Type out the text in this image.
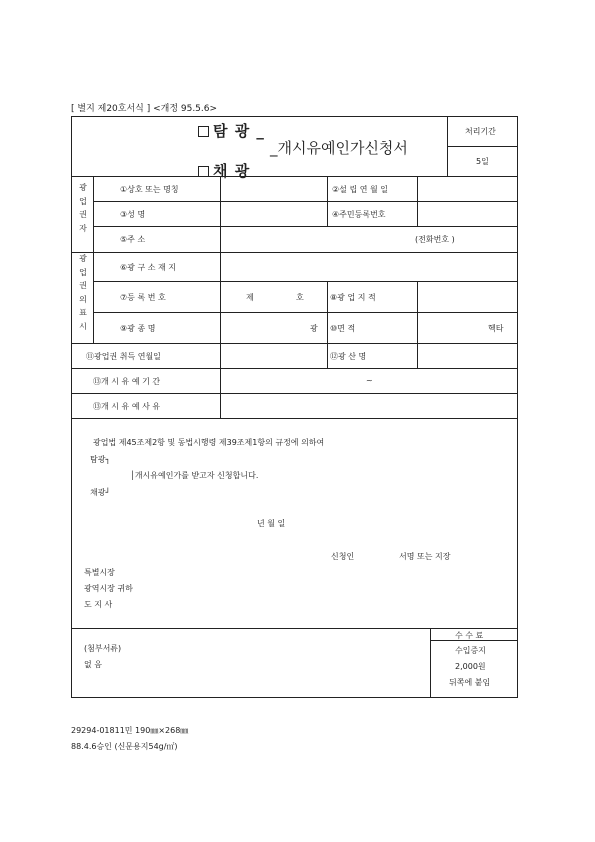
[ 별지 제20호서식 ] <개정 95.5.6>
탐 광 _
_개시유예인가신청서
채 광
처리기간
5일
광업권자
광업권의표시
①상호 또는 명칭	②설 립 연 월 일
③성 명	④주민등록번호
⑤주 소	(전화번호 )
⑥광 구 소 재 지
⑦등 록 번 호	제	호	⑧광 업 지 적
⑨광 종 명	광 ⑩면 적	헥타
⑪광업권 취득 연월일	⑫광 산 명
⑬개 시 유 예 기 간	~
⑬개 시 유 예 사 유
광업법 제45조제2항 및 동법시행령 제39조제1항의 규정에 의하여
탐광┐
│개시유예인가를 받고자 신청합니다.
채광┘
년 월 일
신청인	서명 또는 지장
특별시장
광역시장 귀하
도 지 사
(첨부서류)
없 음
수 수 료
수입증지
2,000원
뒤쪽에 붙임
29294-01811민 190㎜×268㎜
88.4.6승인 (신문용지54g/㎡)
